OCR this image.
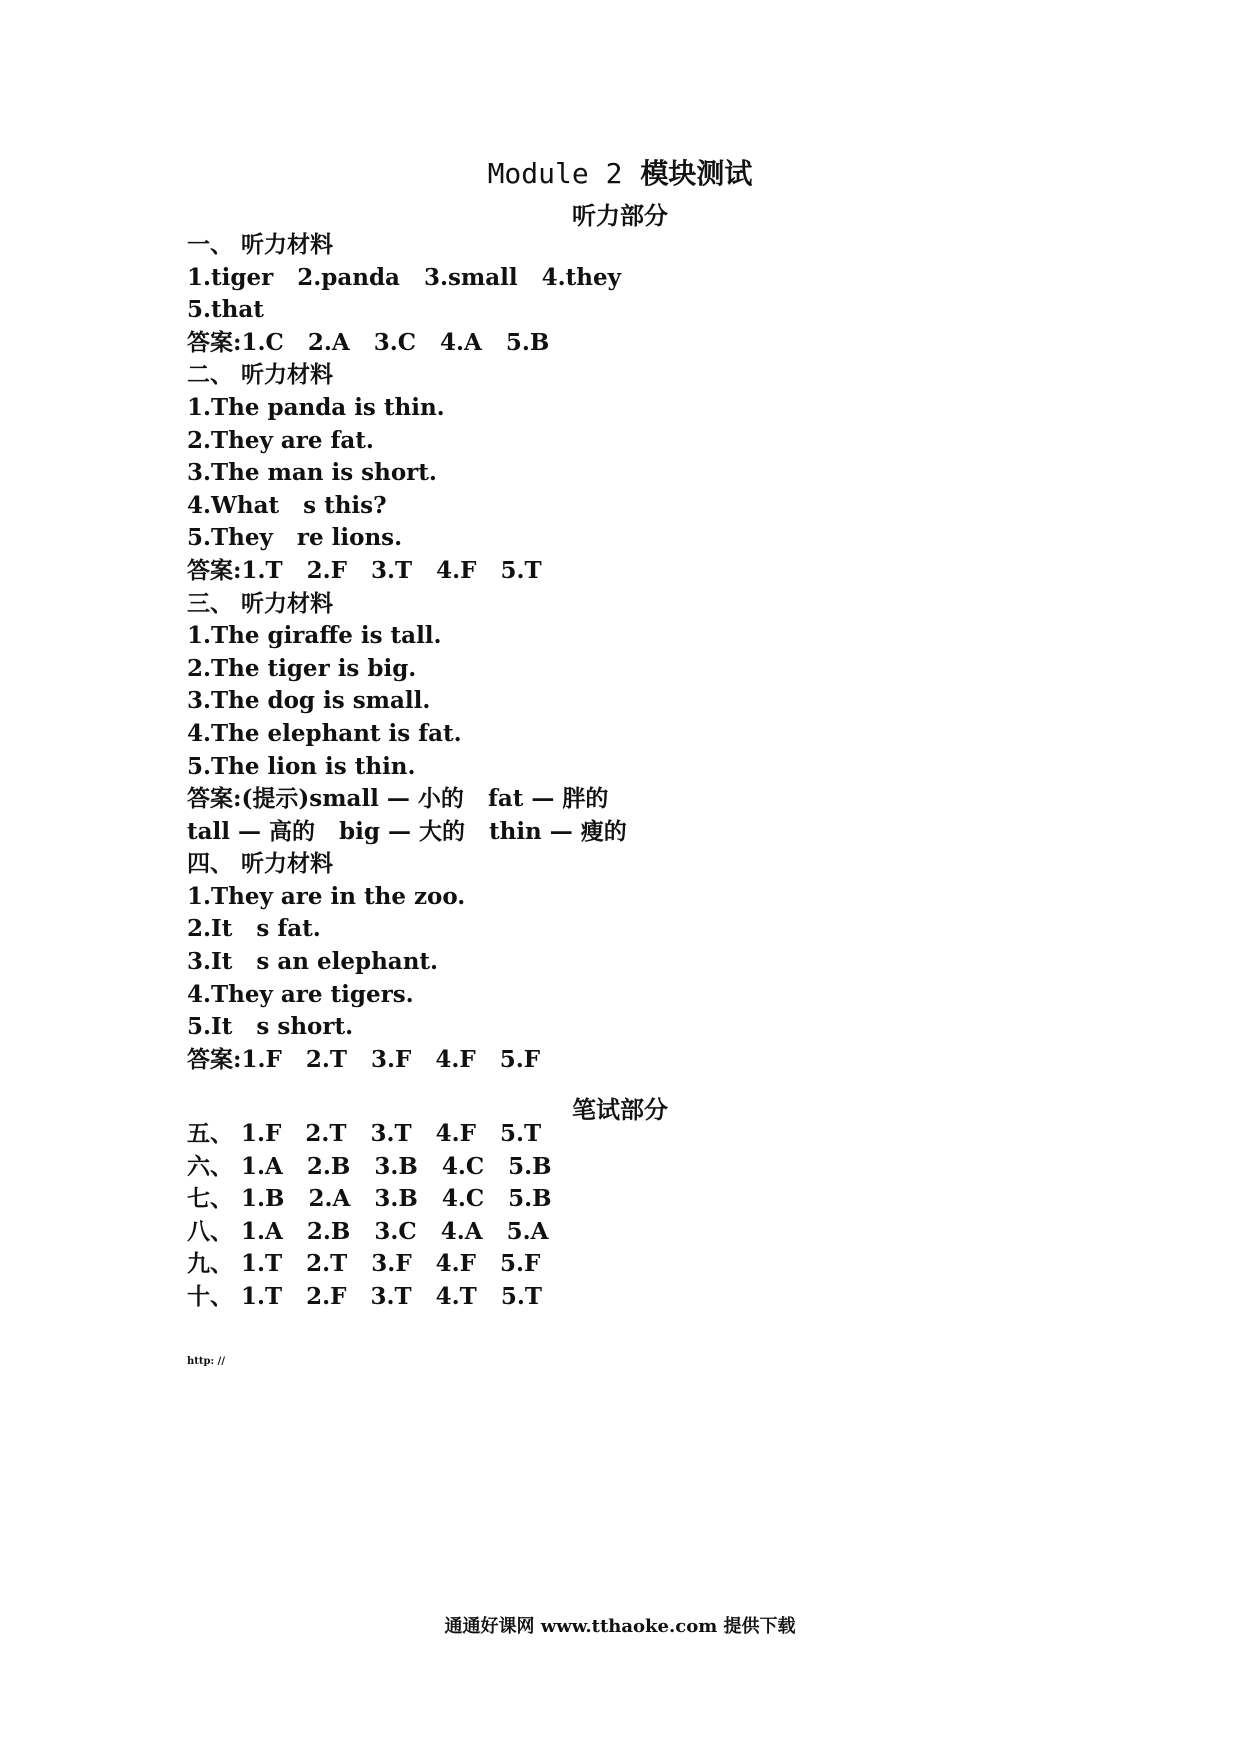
Module 2 模块测试
听力部分
一、 听力材料
1.tiger   2.panda   3.small   4.they
5.that
答案:1.C   2.A   3.C   4.A   5.B
二、 听力材料
1.The panda is thin.
2.They are fat.
3.The man is short.
4.What   s this?
5.They   re lions.
答案:1.T   2.F   3.T   4.F   5.T
三、 听力材料
1.The giraffe is tall.
2.The tiger is big.
3.The dog is small.
4.The elephant is fat.
5.The lion is thin.
答案:(提示)small — 小的   fat — 胖的
tall — 高的   big — 大的   thin — 瘦的
四、 听力材料
1.They are in the zoo.
2.It   s fat.
3.It   s an elephant.
4.They are tigers.
5.It   s short.
答案:1.F   2.T   3.F   4.F   5.F
笔试部分
五、 1.F   2.T   3.T   4.F   5.T
六、 1.A   2.B   3.B   4.C   5.B
七、 1.B   2.A   3.B   4.C   5.B
八、 1.A   2.B   3.C   4.A   5.A
九、 1.T   2.T   3.F   4.F   5.F
十、 1.T   2.F   3.T   4.T   5.T
http: //
通通好课网 www.tthaoke.com 提供下载
